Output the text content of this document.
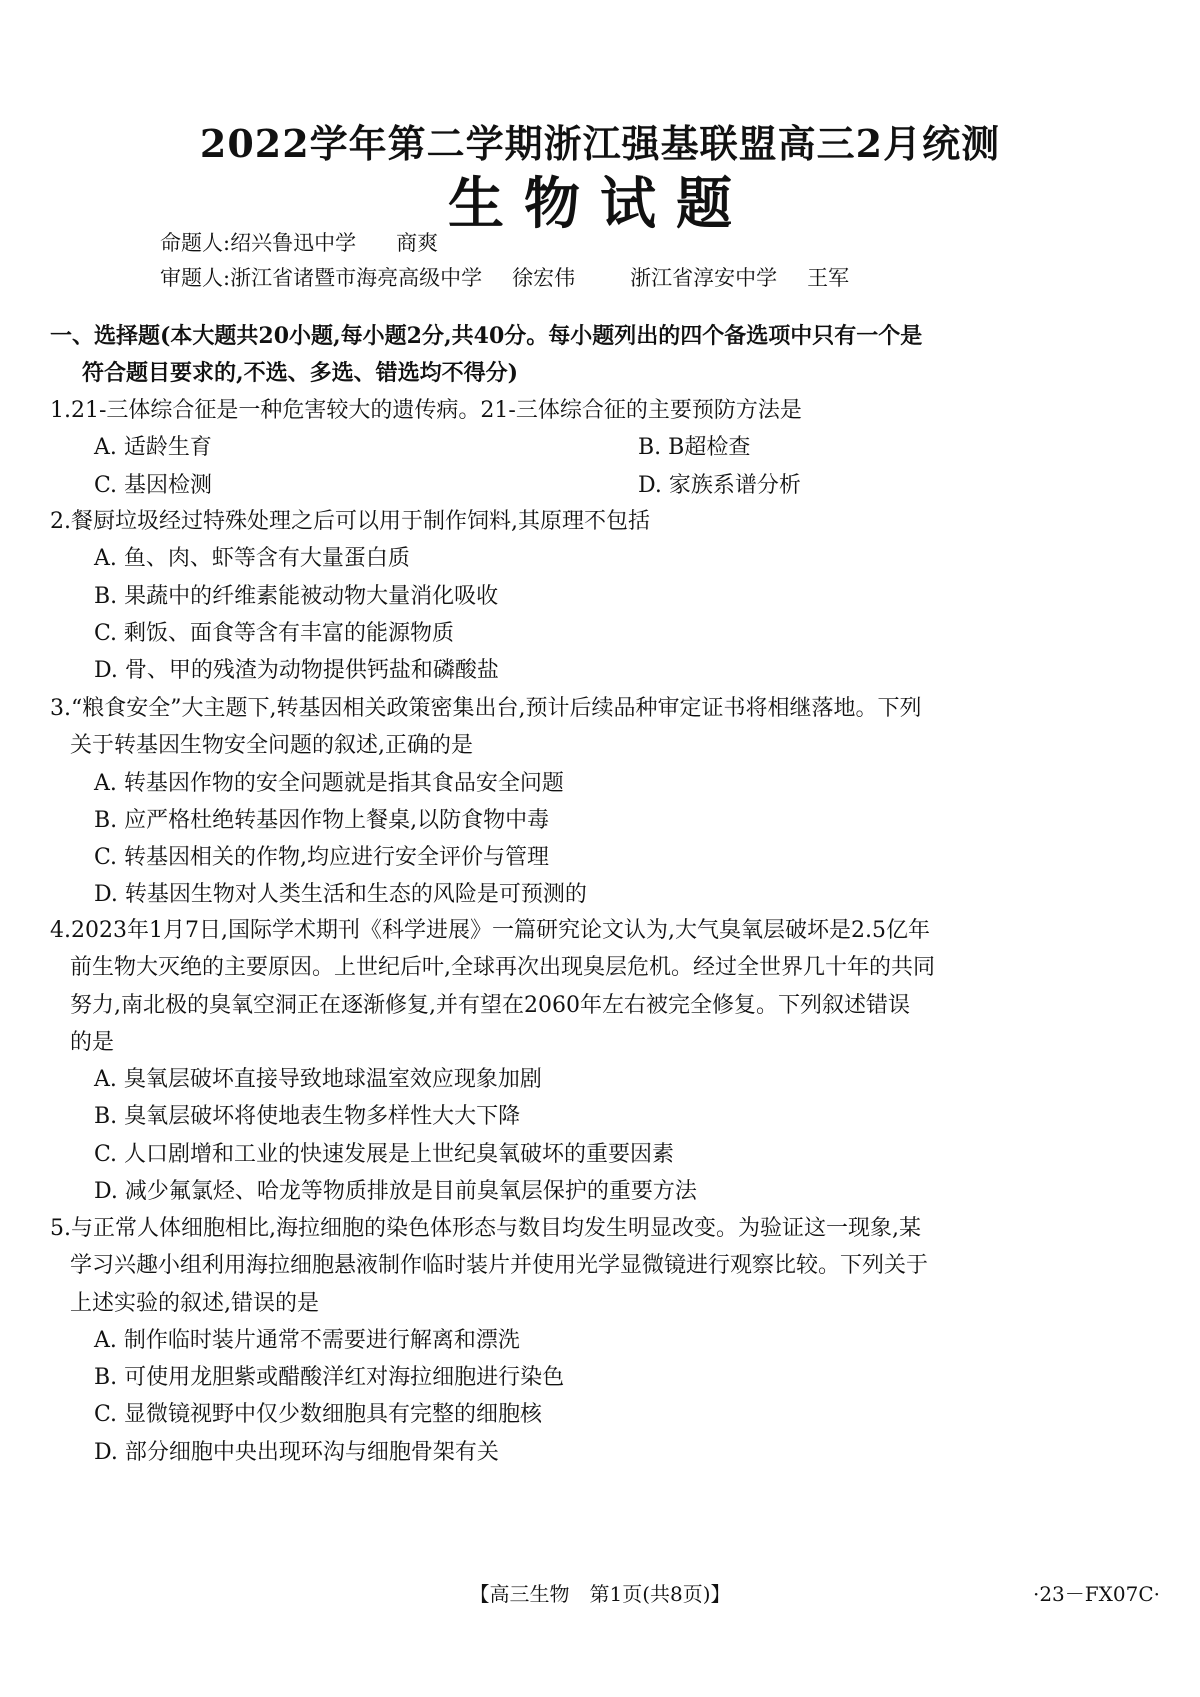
2022学年第二学期浙江强基联盟高三2月统测
生物试题
命题人:绍兴鲁迅中学 商爽
审题人:浙江省诸暨市海亮高级中学 徐宏伟	浙江省淳安中学 王军
一、选择题(本大题共20小题,每小题2分,共40分。每小题列出的四个备选项中只有一个是
符合题目要求的,不选、多选、错选均不得分)
1.21-三体综合征是一种危害较大的遗传病。21-三体综合征的主要预防方法是
A. 适龄生育	B. B超检查
C. 基因检测	D. 家族系谱分析
2.餐厨垃圾经过特殊处理之后可以用于制作饲料,其原理不包括
A. 鱼、肉、虾等含有大量蛋白质
B. 果蔬中的纤维素能被动物大量消化吸收
C. 剩饭、面食等含有丰富的能源物质
D. 骨、甲的残渣为动物提供钙盐和磷酸盐
3.“粮食安全”大主题下,转基因相关政策密集出台,预计后续品种审定证书将相继落地。下列
关于转基因生物安全问题的叙述,正确的是
A. 转基因作物的安全问题就是指其食品安全问题
B. 应严格杜绝转基因作物上餐桌,以防食物中毒
C. 转基因相关的作物,均应进行安全评价与管理
D. 转基因生物对人类生活和生态的风险是可预测的
4.2023年1月7日,国际学术期刊《科学进展》一篇研究论文认为,大气臭氧层破坏是2.5亿年
前生物大灭绝的主要原因。上世纪后叶,全球再次出现臭层危机。经过全世界几十年的共同
努力,南北极的臭氧空洞正在逐渐修复,并有望在2060年左右被完全修复。下列叙述错误
的是
A. 臭氧层破坏直接导致地球温室效应现象加剧
B. 臭氧层破坏将使地表生物多样性大大下降
C. 人口剧增和工业的快速发展是上世纪臭氧破坏的重要因素
D. 减少氟氯烃、哈龙等物质排放是目前臭氧层保护的重要方法
5.与正常人体细胞相比,海拉细胞的染色体形态与数目均发生明显改变。为验证这一现象,某
学习兴趣小组利用海拉细胞悬液制作临时装片并使用光学显微镜进行观察比较。下列关于
上述实验的叙述,错误的是
A. 制作临时装片通常不需要进行解离和漂洗
B. 可使用龙胆紫或醋酸洋红对海拉细胞进行染色
C. 显微镜视野中仅少数细胞具有完整的细胞核
D. 部分细胞中央出现环沟与细胞骨架有关
【高三生物　第1页(共8页)】	·23－FX07C·
